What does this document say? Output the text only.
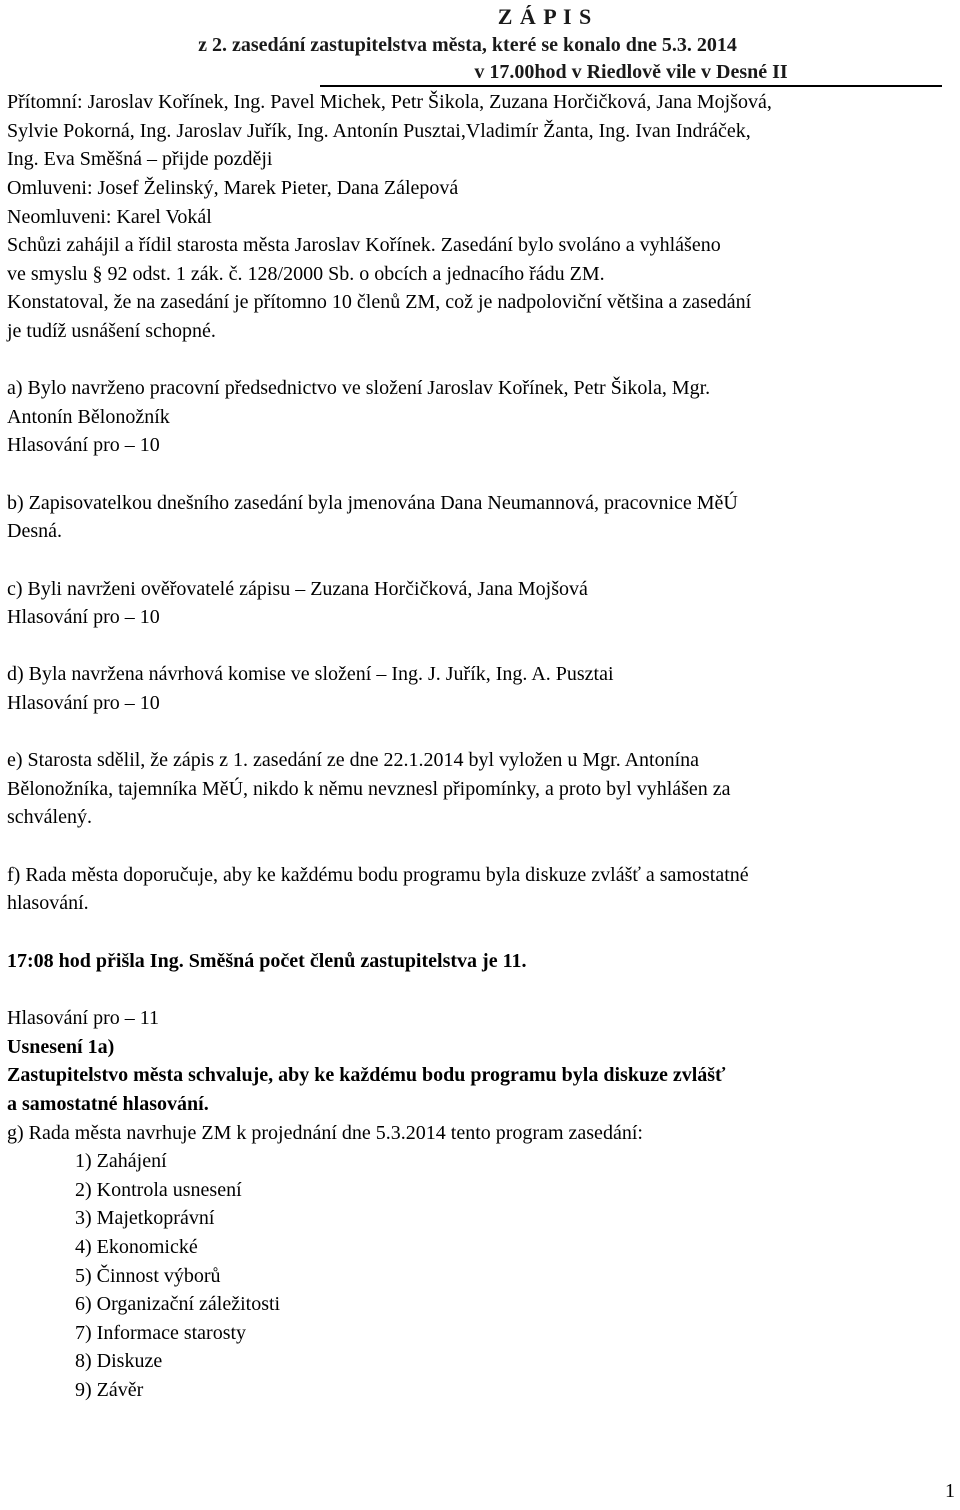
Z Á P I S
z 2. zasedání zastupitelstva města, které se konalo dne 5.3. 2014
v 17.00hod v Riedlově vile v Desné II
Přítomní: Jaroslav Kořínek, Ing. Pavel Michek, Petr Šikola, Zuzana Horčičková, Jana Mojšová,
Sylvie Pokorná, Ing. Jaroslav Juřík, Ing. Antonín Pusztai,Vladimír Žanta, Ing. Ivan Indráček,
Ing. Eva Směšná – přijde později
Omluveni: Josef Želinský, Marek Pieter, Dana Zálepová
Neomluveni: Karel Vokál
Schůzi zahájil a řídil starosta města Jaroslav Kořínek. Zasedání bylo svoláno a vyhlášeno
ve smyslu § 92 odst. 1 zák. č. 128/2000 Sb. o obcích a jednacího řádu ZM.
Konstatoval, že na zasedání je přítomno 10 členů ZM, což je nadpoloviční většina a zasedání
je tudíž usnášení schopné.
a) Bylo navrženo pracovní předsednictvo ve složení Jaroslav Kořínek, Petr Šikola, Mgr.
Antonín Bělonožník
Hlasování pro – 10
b) Zapisovatelkou dnešního zasedání byla jmenována Dana Neumannová, pracovnice MěÚ
Desná.
c) Byli navrženi ověřovatelé zápisu – Zuzana Horčičková, Jana Mojšová
Hlasování pro – 10
d) Byla navržena návrhová komise ve složení – Ing. J. Juřík, Ing. A. Pusztai
Hlasování pro – 10
e) Starosta sdělil, že zápis z 1. zasedání ze dne 22.1.2014 byl vyložen u Mgr. Antonína
Bělonožníka, tajemníka MěÚ, nikdo k němu nevznesl připomínky, a proto byl vyhlášen za
schválený.
f) Rada města doporučuje, aby ke každému bodu programu byla diskuze zvlášť a samostatné
hlasování.
17:08 hod přišla Ing. Směšná počet členů zastupitelstva je 11.
Hlasování pro – 11
Usnesení 1a)
Zastupitelstvo města schvaluje, aby ke každému bodu programu byla diskuze zvlášť
a samostatné hlasování.
g) Rada města navrhuje ZM k projednání dne 5.3.2014 tento program zasedání:
1) Zahájení
2) Kontrola usnesení
3) Majetkoprávní
4) Ekonomické
5) Činnost výborů
6) Organizační záležitosti
7) Informace starosty
8) Diskuze
9) Závěr
1
